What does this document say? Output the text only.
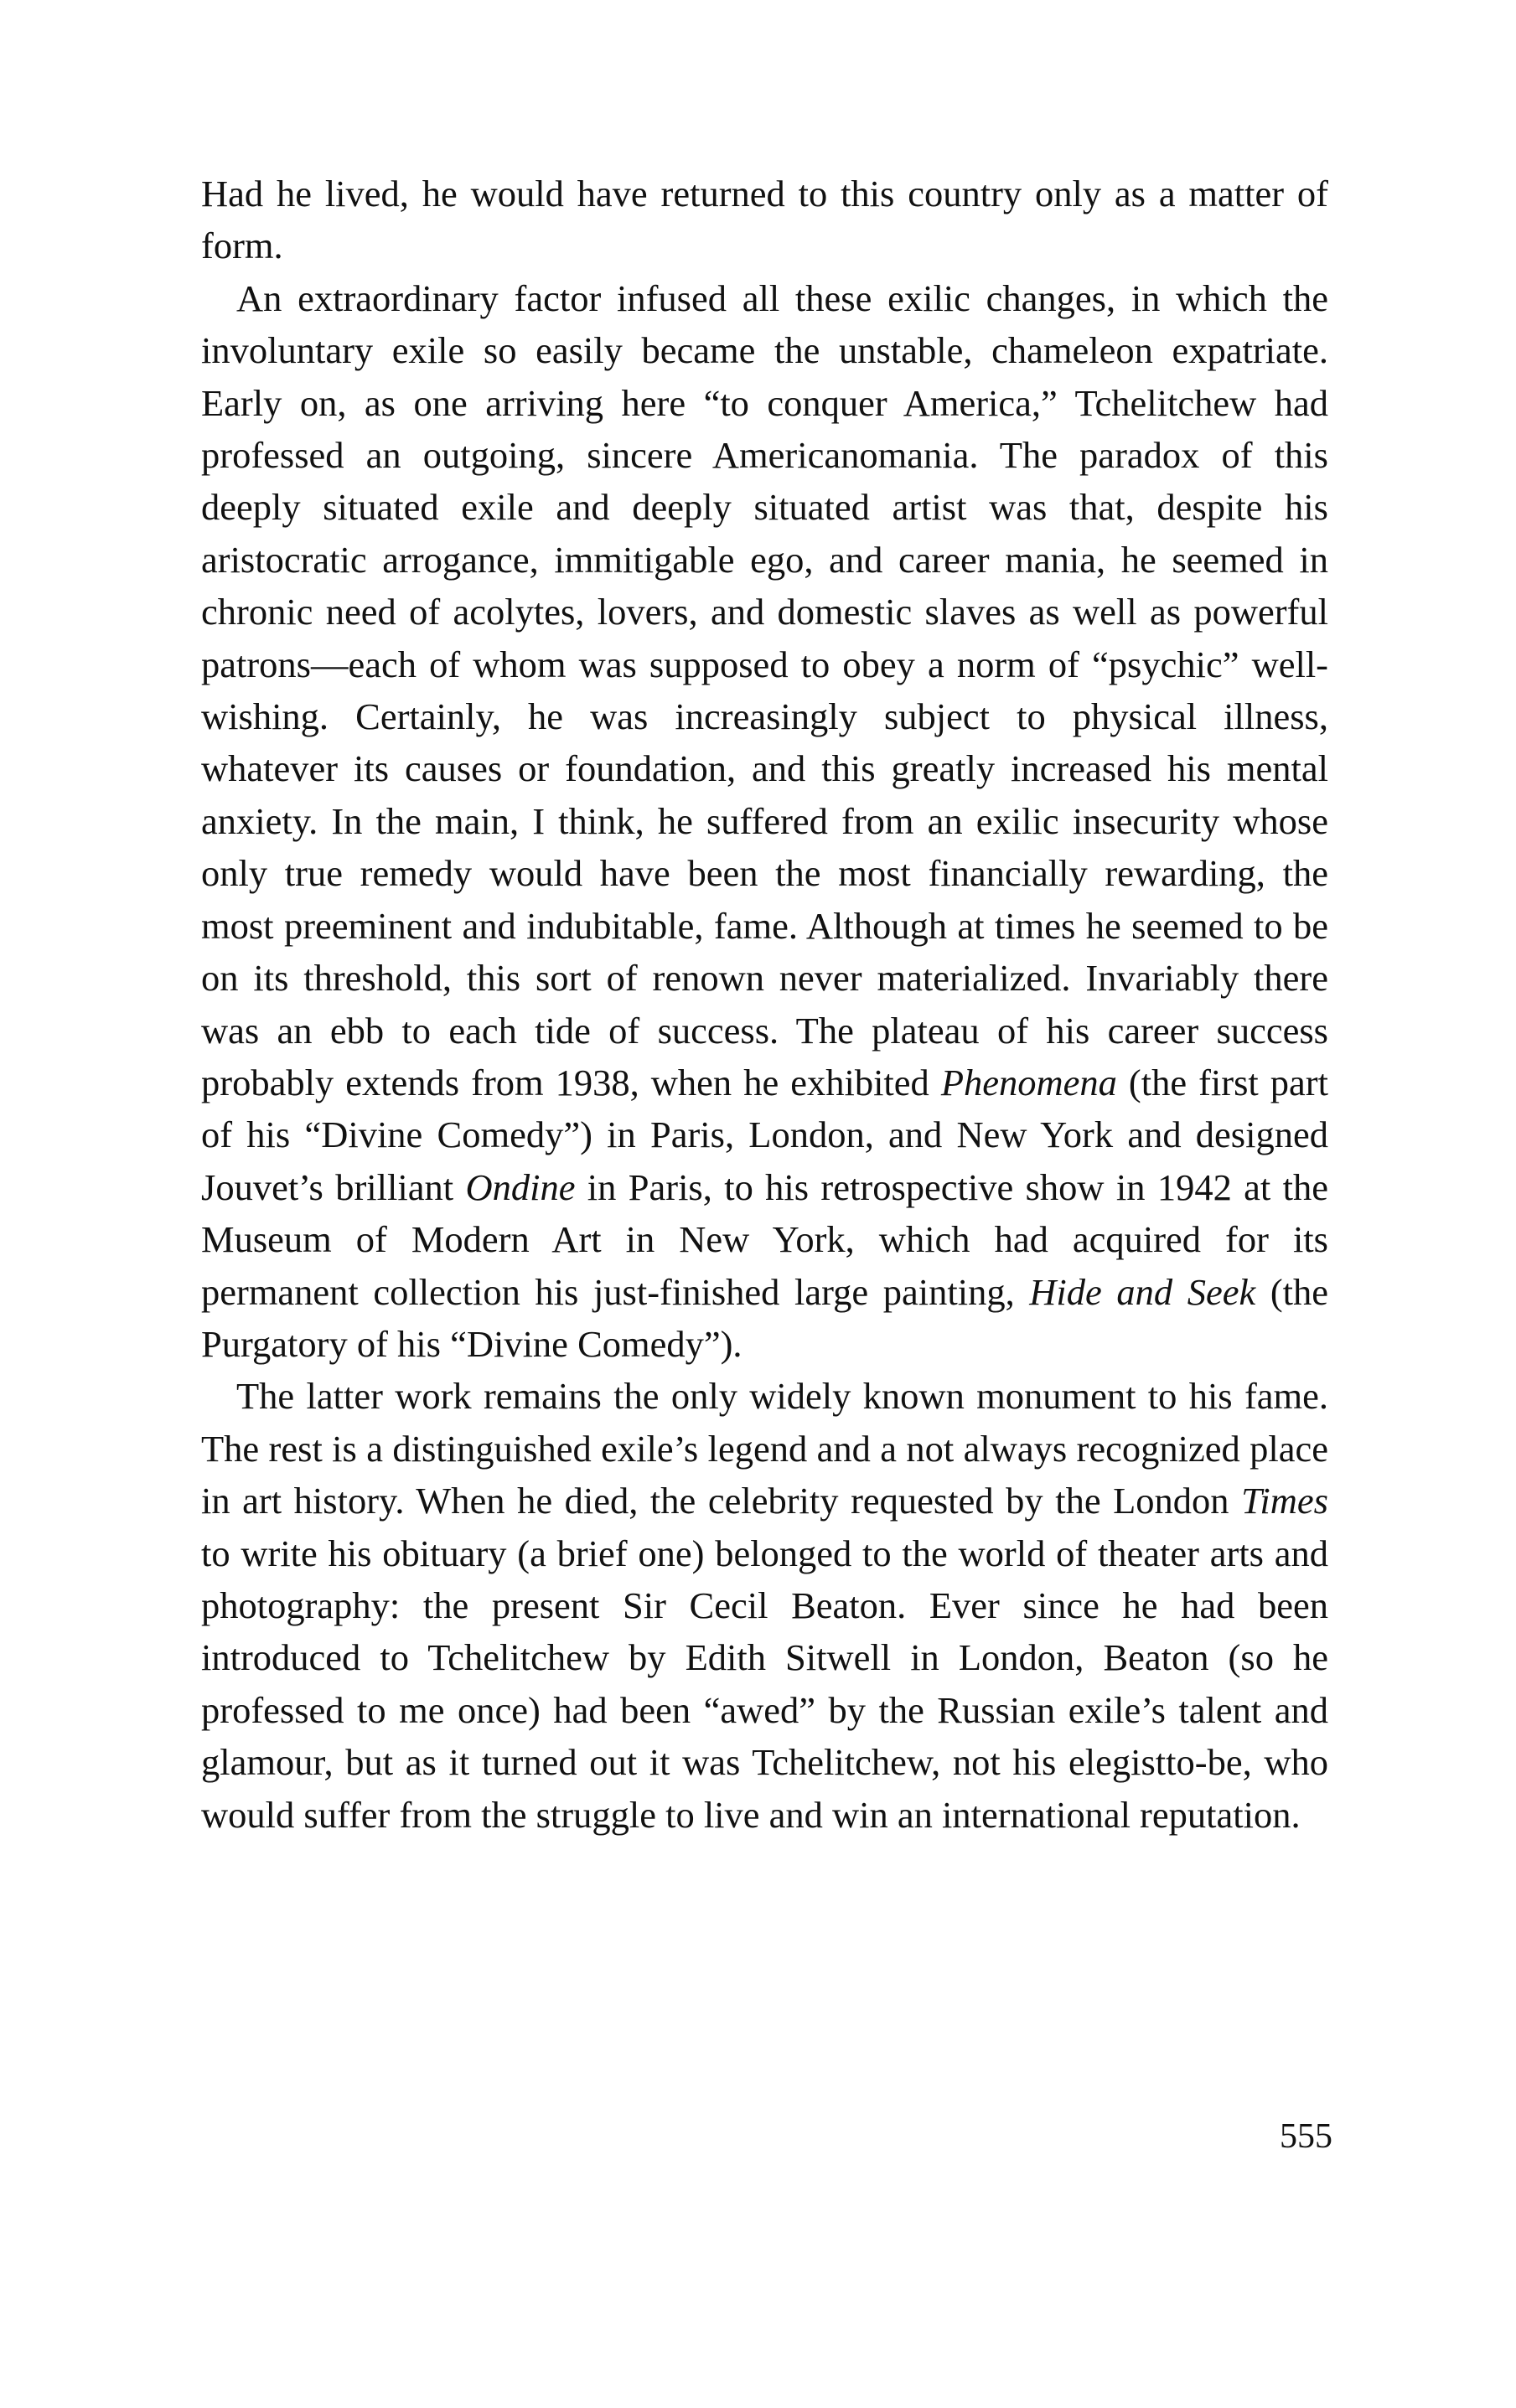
Had he lived, he would have returned to this country only as a matter of form.

An extraordinary factor infused all these exilic changes, in which the involuntary exile so easily became the unstable, chameleon expatriate. Early on, as one arriving here “to conquer America,” Tchelitchew had professed an outgoing, sincere Americanomania. The paradox of this deeply situated exile and deeply situated artist was that, despite his aristocratic arrogance, immitigable ego, and career mania, he seemed in chronic need of acolytes, lovers, and domestic slaves as well as powerful patrons—each of whom was supposed to obey a norm of “psychic” well-wishing. Certainly, he was increasingly subject to physical illness, whatever its causes or foundation, and this greatly increased his mental anxiety. In the main, I think, he suffered from an exilic insecurity whose only true remedy would have been the most financially rewarding, the most preeminent and indubitable, fame. Although at times he seemed to be on its threshold, this sort of renown never materialized. Invariably there was an ebb to each tide of success. The plateau of his career success probably extends from 1938, when he exhibited Phenomena (the first part of his “Divine Comedy”) in Paris, London, and New York and designed Jouvet’s brilliant Ondine in Paris, to his retrospective show in 1942 at the Museum of Modern Art in New York, which had acquired for its permanent collection his just-finished large painting, Hide and Seek (the Purgatory of his “Divine Comedy”).

The latter work remains the only widely known monument to his fame. The rest is a distinguished exile’s legend and a not always recognized place in art history. When he died, the celebrity requested by the London Times to write his obituary (a brief one) belonged to the world of theater arts and photography: the present Sir Cecil Beaton. Ever since he had been introduced to Tchelitchew by Edith Sitwell in London, Beaton (so he professed to me once) had been “awed” by the Russian exile’s talent and glamour, but as it turned out it was Tchelitchew, not his elegistto-be, who would suffer from the struggle to live and win an international reputation.

555
